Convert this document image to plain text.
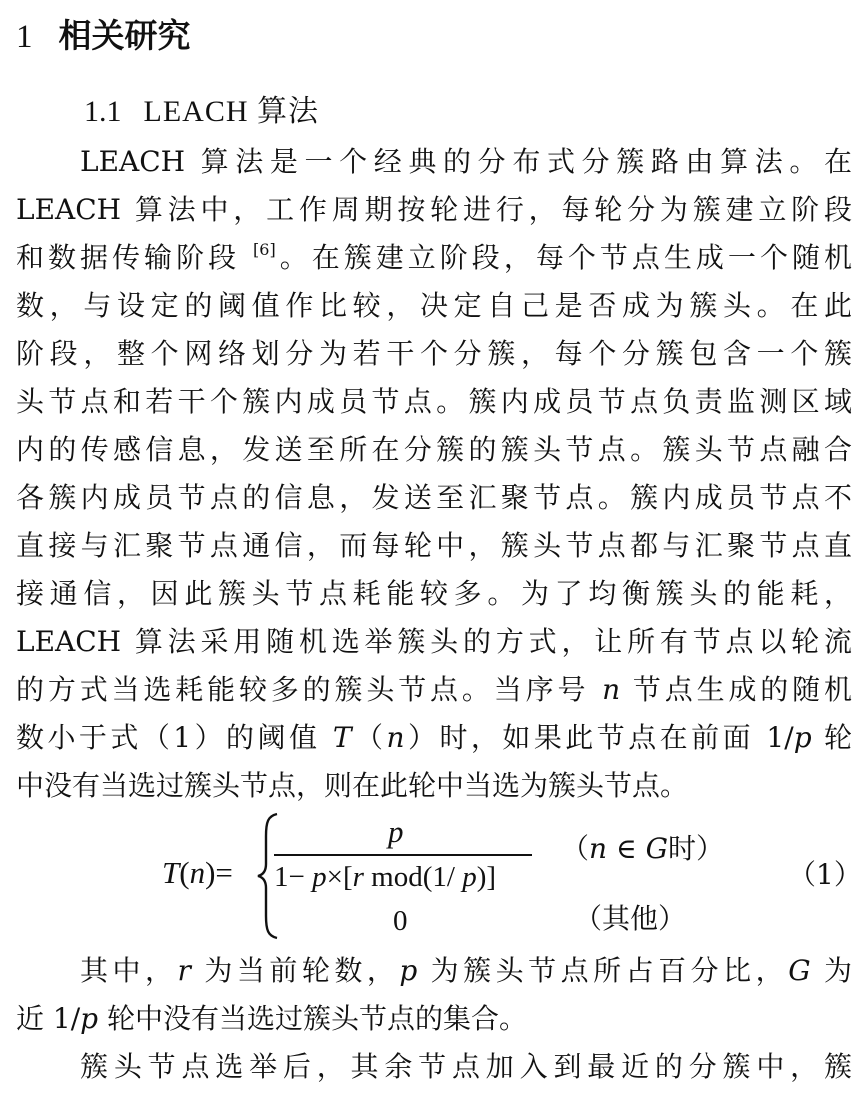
1 相关研究
1.1 LEACH 算法
LEACH 算法是一个经典的分布式分簇路由算法。在
LEACH 算法中，工作周期按轮进行，每轮分为簇建立阶段
和数据传输阶段 [6]。在簇建立阶段，每个节点生成一个随机
数，与设定的阈值作比较，决定自己是否成为簇头。在此
阶段，整个网络划分为若干个分簇，每个分簇包含一个簇
头节点和若干个簇内成员节点。簇内成员节点负责监测区域
内的传感信息，发送至所在分簇的簇头节点。簇头节点融合
各簇内成员节点的信息，发送至汇聚节点。簇内成员节点不
直接与汇聚节点通信，而每轮中，簇头节点都与汇聚节点直
接通信，因此簇头节点耗能较多。为了均衡簇头的能耗，
LEACH 算法采用随机选举簇头的方式，让所有节点以轮流
的方式当选耗能较多的簇头节点。当序号 n 节点生成的随机
数小于式（1）的阈值 T（n）时，如果此节点在前面 1/p 轮
中没有当选过簇头节点，则在此轮中当选为簇头节点。
T(n)=
p
1− p×[r mod(1/ p)]
0
（n ∈ G时）
（其他）
（1）
其中，r 为当前轮数，p 为簇头节点所占百分比，G 为
近 1/p 轮中没有当选过簇头节点的集合。
簇头节点选举后，其余节点加入到最近的分簇中，簇
